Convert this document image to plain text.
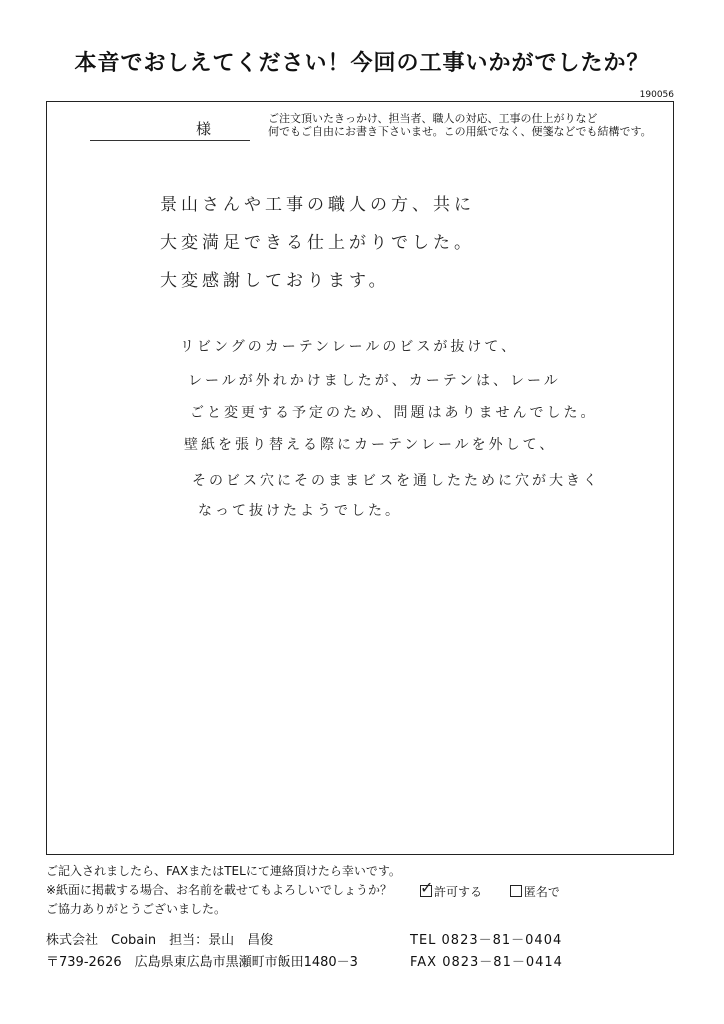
本音でおしえてください！今回の工事いかがでしたか？
190056
様
ご注文頂いたきっかけ、担当者、職人の対応、工事の仕上がりなど
何でもご自由にお書き下さいませ。この用紙でなく、便箋などでも結構です。
景山さんや工事の職人の方、共に
大変満足できる仕上がりでした。
大変感謝しております。
リビングのカーテンレールのビスが抜けて、
レールが外れかけましたが、カーテンは、レール
ごと変更する予定のため、問題はありませんでした。
壁紙を張り替える際にカーテンレールを外して、
そのビス穴にそのままビスを通したために穴が大きく
なって抜けたようでした。
ご記入されましたら、FAXまたはTELにて連絡頂けたら幸いです。
※紙面に掲載する場合、お名前を載せてもよろしいでしょうか？
ご協力ありがとうございました。
✓ 許可する	匿名で
株式会社　Cobain　担当：景山　昌俊
〒739-2626　広島県東広島市黒瀬町市飯田1480－3
TEL 0823－81－0404
FAX 0823－81－0414
